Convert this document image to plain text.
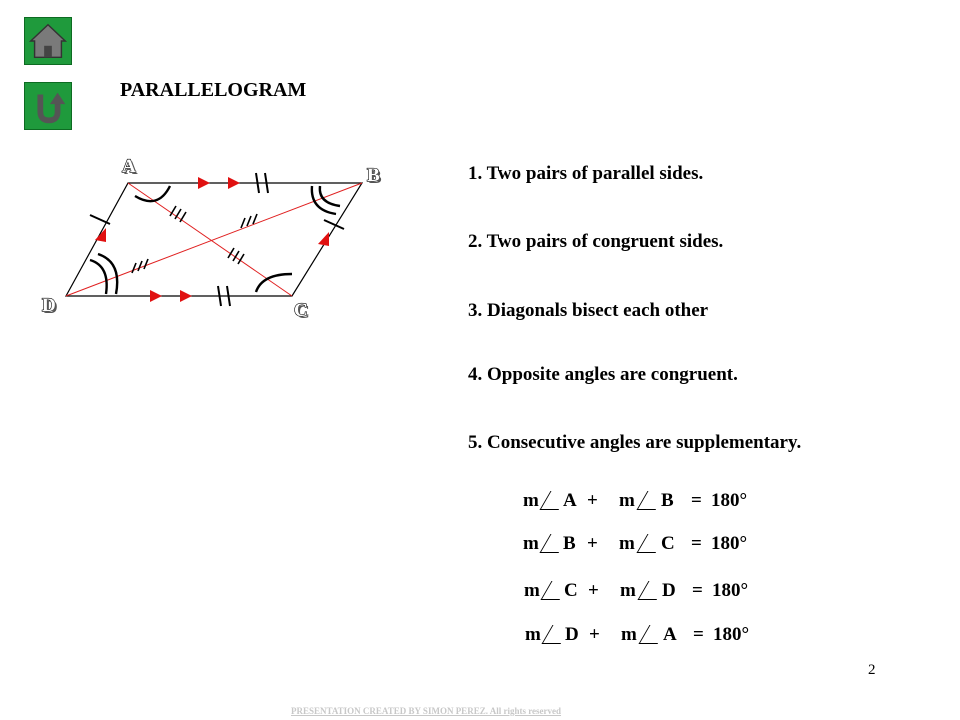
PARALLELOGRAM
A	B
C
D
1. Two pairs of parallel sides.
2. Two pairs of congruent sides.
3. Diagonals bisect each other
4. Opposite angles are congruent.
5. Consecutive angles are supplementary.
m A + m B = 180°
m B + m C = 180°
m C + m D = 180°
m D + m A = 180°
2
PRESENTATION CREATED BY SIMON PEREZ. All rights reserved
